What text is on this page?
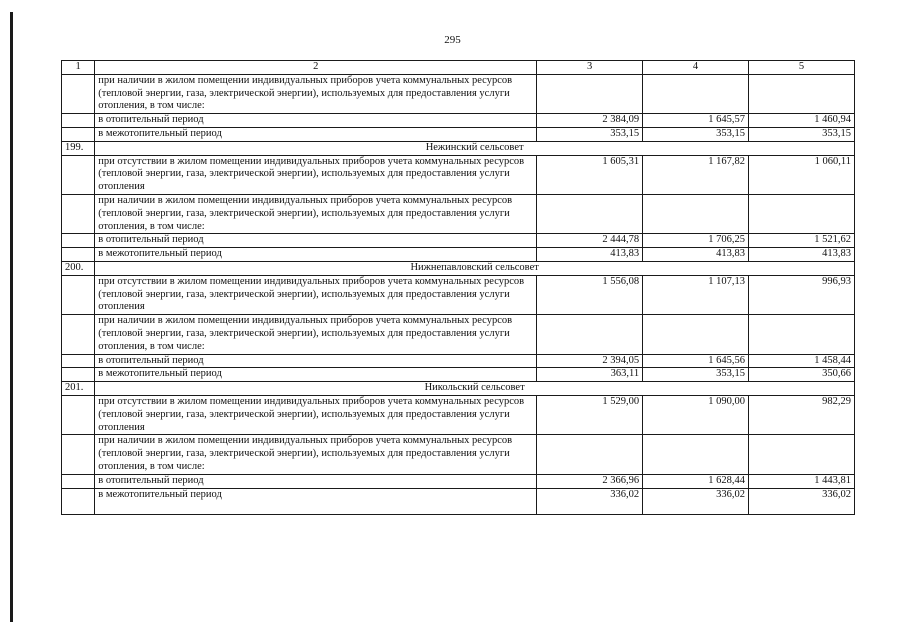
295
1	2	3	4	5
	при наличии в жилом помещении индивидуальных приборов учета коммунальных ресурсов (тепловой энергии, газа, электрической энергии), используемых для предоставления услуги отопления, в том числе:			
	в отопительный период	2 384,09	1 645,57	1 460,94
	в межотопительный период	353,15	353,15	353,15
199.	Нежинский сельсовет			
	при отсутствии в жилом помещении индивидуальных приборов учета коммунальных ресурсов (тепловой энергии, газа, электрической энергии), используемых для предоставления услуги отопления	1 605,31	1 167,82	1 060,11
	при наличии в жилом помещении индивидуальных приборов учета коммунальных ресурсов (тепловой энергии, газа, электрической энергии), используемых для предоставления услуги отопления, в том числе:			
	в отопительный период	2 444,78	1 706,25	1 521,62
	в межотопительный период	413,83	413,83	413,83
200.	Нижнепавловский сельсовет			
	при отсутствии в жилом помещении индивидуальных приборов учета коммунальных ресурсов (тепловой энергии, газа, электрической энергии), используемых для предоставления услуги отопления	1 556,08	1 107,13	996,93
	при наличии в жилом помещении индивидуальных приборов учета коммунальных ресурсов (тепловой энергии, газа, электрической энергии), используемых для предоставления услуги отопления, в том числе:			
	в отопительный период	2 394,05	1 645,56	1 458,44
	в межотопительный период	363,11	353,15	350,66
201.	Никольский сельсовет			
	при отсутствии в жилом помещении индивидуальных приборов учета коммунальных ресурсов (тепловой энергии, газа, электрической энергии), используемых для предоставления услуги отопления	1 529,00	1 090,00	982,29
	при наличии в жилом помещении индивидуальных приборов учета коммунальных ресурсов (тепловой энергии, газа, электрической энергии), используемых для предоставления услуги отопления, в том числе:			
	в отопительный период	2 366,96	1 628,44	1 443,81
	в межотопительный период	336,02	336,02	336,02
